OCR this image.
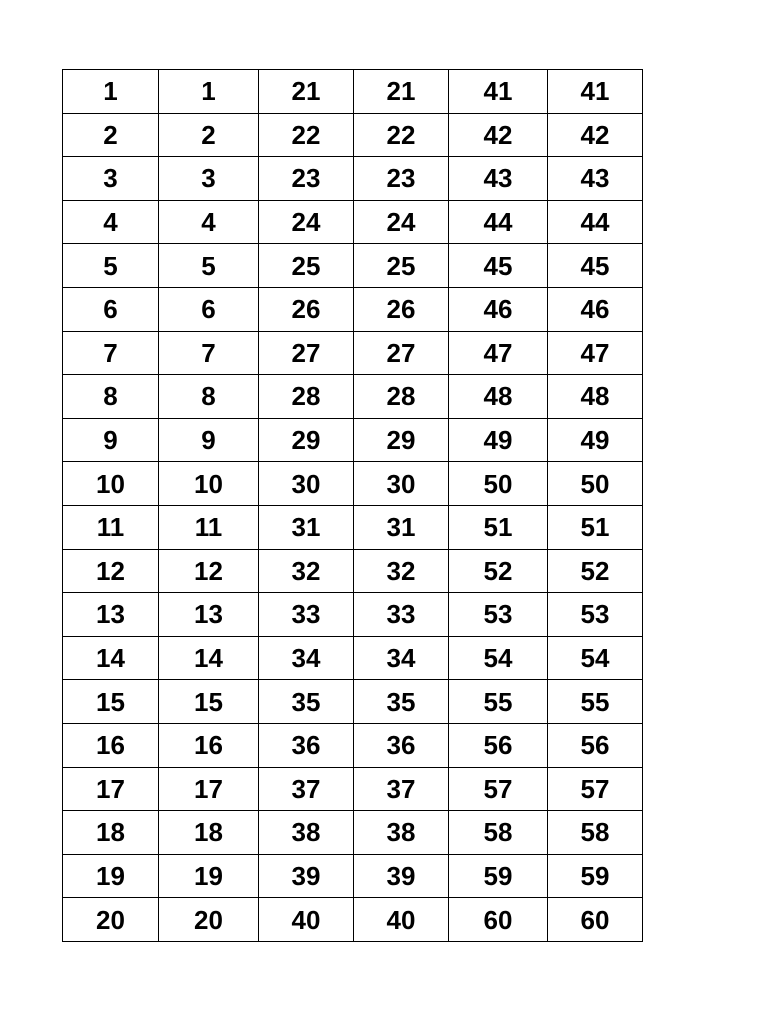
1	1	21	21	41	41
2	2	22	22	42	42
3	3	23	23	43	43
4	4	24	24	44	44
5	5	25	25	45	45
6	6	26	26	46	46
7	7	27	27	47	47
8	8	28	28	48	48
9	9	29	29	49	49
10	10	30	30	50	50
11	11	31	31	51	51
12	12	32	32	52	52
13	13	33	33	53	53
14	14	34	34	54	54
15	15	35	35	55	55
16	16	36	36	56	56
17	17	37	37	57	57
18	18	38	38	58	58
19	19	39	39	59	59
20	20	40	40	60	60
